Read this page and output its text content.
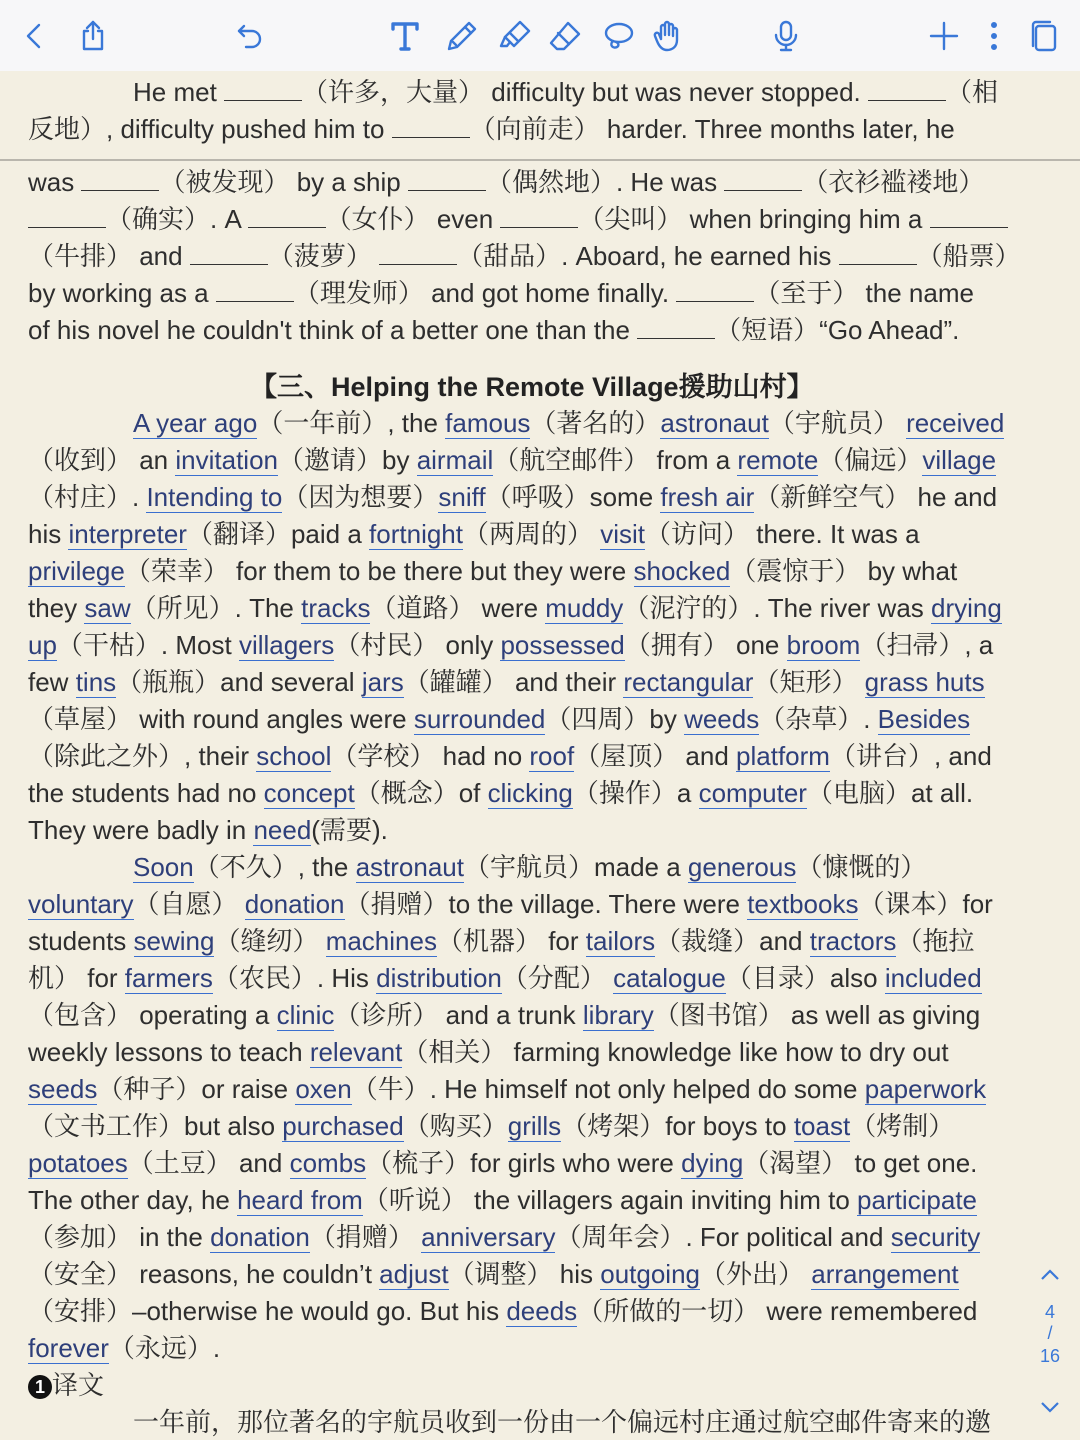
He met	（许多，大量） difficulty but was never stopped.	（相
反地）, difficulty pushed him to	（向前走） harder. Three months later, he
was	（被发现） by a ship	（偶然地）. He was	（衣衫褴褛地）
（确实）. A	（女仆） even	（尖叫） when bringing him a
（牛排） and	（菠萝）	（甜品）. Aboard, he earned his	（船票）
by working as a	（理发师） and got home finally.	（至于） the name
of his novel he couldn't think of a better one than the	（短语）“Go Ahead”.
【三、Helping the Remote Village援助山村】
A year ago（一年前）, the famous（著名的）astronaut（宇航员） received
（收到） an invitation（邀请）by airmail（航空邮件） from a remote（偏远）village
（村庄）. Intending to（因为想要）sniff（呼吸）some fresh air（新鲜空气） he and
his interpreter（翻译）paid a fortnight（两周的） visit（访问） there. It was a
privilege（荣幸） for them to be there but they were shocked（震惊于） by what
they saw（所见）. The tracks（道路） were muddy（泥泞的）. The river was drying
up（干枯）. Most villagers（村民） only possessed（拥有） one broom（扫帚）, a
few tins（瓶瓶）and several jars（罐罐） and their rectangular（矩形） grass huts
（草屋） with round angles were surrounded（四周）by weeds（杂草）. Besides
（除此之外）, their school（学校） had no roof（屋顶） and platform（讲台）, and
the students had no concept（概念）of clicking（操作）a computer（电脑）at all.
They were badly in need(需要).
Soon（不久）, the astronaut（宇航员）made a generous（慷慨的）
voluntary（自愿） donation（捐赠）to the village. There were textbooks（课本）for
students sewing（缝纫） machines（机器） for tailors（裁缝）and tractors（拖拉
机） for farmers（农民）. His distribution（分配） catalogue（目录）also included
（包含） operating a clinic（诊所） and a trunk library（图书馆） as well as giving
weekly lessons to teach relevant（相关） farming knowledge like how to dry out
seeds（种子）or raise oxen（牛）. He himself not only helped do some paperwork
（文书工作）but also purchased（购买）grills（烤架）for boys to toast（烤制）
potatoes（土豆） and combs（梳子）for girls who were dying（渴望） to get one.
The other day, he heard from（听说） the villagers again inviting him to participate
（参加） in the donation（捐赠） anniversary（周年会）. For political and security
（安全） reasons, he couldn’t adjust（调整） his outgoing（外出） arrangement
（安排）–otherwise he would go. But his deeds（所做的一切） were remembered
forever（永远）.
1 译文
一年前，那位著名的宇航员收到一份由一个偏远村庄通过航空邮件寄来的邀
4
/
16
